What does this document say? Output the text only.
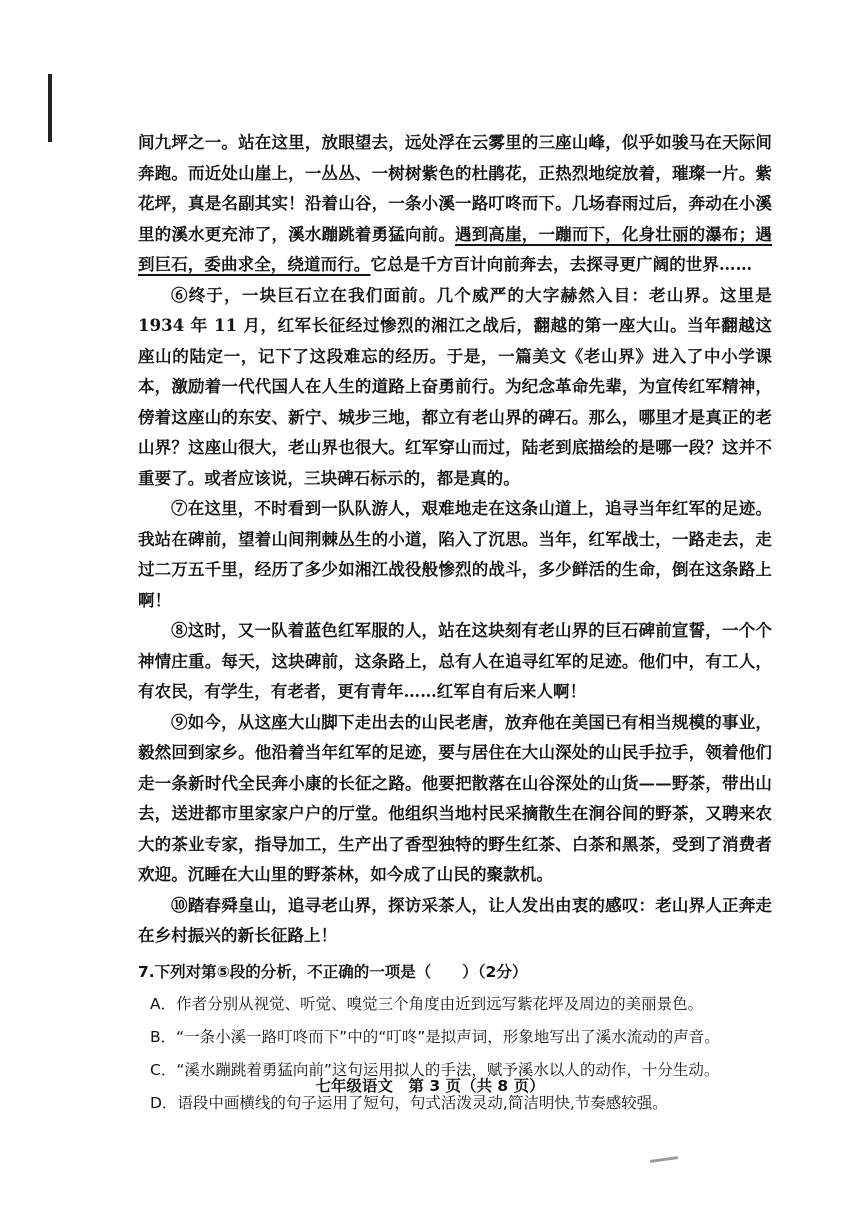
间九坪之一。站在这里，放眼望去，远处浮在云雾里的三座山峰，似乎如骏马在天际间奔跑。而近处山崖上，一丛丛、一树树紫色的杜鹃花，正热烈地绽放着，璀璨一片。紫花坪，真是名副其实！沿着山谷，一条小溪一路叮咚而下。几场春雨过后，奔动在小溪里的溪水更充沛了，溪水蹦跳着勇猛向前。遇到高崖，一蹦而下，化身壮丽的瀑布；遇到巨石，委曲求全，绕道而行。它总是千方百计向前奔去，去探寻更广阔的世界……

⑥终于，一块巨石立在我们面前。几个威严的大字赫然入目：老山界。这里是 1934 年 11 月，红军长征经过惨烈的湘江之战后，翻越的第一座大山。当年翻越这座山的陆定一，记下了这段难忘的经历。于是，一篇美文《老山界》进入了中小学课本，激励着一代代国人在人生的道路上奋勇前行。为纪念革命先辈，为宣传红军精神，傍着这座山的东安、新宁、城步三地，都立有老山界的碑石。那么，哪里才是真正的老山界？这座山很大，老山界也很大。红军穿山而过，陆老到底描绘的是哪一段？这并不重要了。或者应该说，三块碑石标示的，都是真的。

⑦在这里，不时看到一队队游人，艰难地走在这条山道上，追寻当年红军的足迹。我站在碑前，望着山间荆棘丛生的小道，陷入了沉思。当年，红军战士，一路走去，走过二万五千里，经历了多少如湘江战役般惨烈的战斗，多少鲜活的生命，倒在这条路上啊！

⑧这时，又一队着蓝色红军服的人，站在这块刻有老山界的巨石碑前宣誓，一个个神情庄重。每天，这块碑前，这条路上，总有人在追寻红军的足迹。他们中，有工人，有农民，有学生，有老者，更有青年……红军自有后来人啊！

⑨如今，从这座大山脚下走出去的山民老唐，放弃他在美国已有相当规模的事业，毅然回到家乡。他沿着当年红军的足迹，要与居住在大山深处的山民手拉手，领着他们走一条新时代全民奔小康的长征之路。他要把散落在山谷深处的山货——野茶，带出山去，送进都市里家家户户的厅堂。他组织当地村民采摘散生在涧谷间的野茶，又聘来农大的茶业专家，指导加工，生产出了香型独特的野生红茶、白茶和黑茶，受到了消费者欢迎。沉睡在大山里的野茶林，如今成了山民的聚款机。

⑩踏春舜皇山，追寻老山界，探访采茶人，让人发出由衷的感叹：老山界人正奔走在乡村振兴的新长征路上！

7.下列对第⑤段的分析，不正确的一项是（　　）（2分）
A．作者分别从视觉、听觉、嗅觉三个角度由近到远写紫花坪及周边的美丽景色。
B．“一条小溪一路叮咚而下”中的“叮咚”是拟声词，形象地写出了溪水流动的声音。
C．“溪水蹦跳着勇猛向前”这句运用拟人的手法，赋予溪水以人的动作，十分生动。
D．语段中画横线的句子运用了短句，句式活泼灵动,简洁明快,节奏感较强。
七年级语文　第 3 页（共 8 页）
